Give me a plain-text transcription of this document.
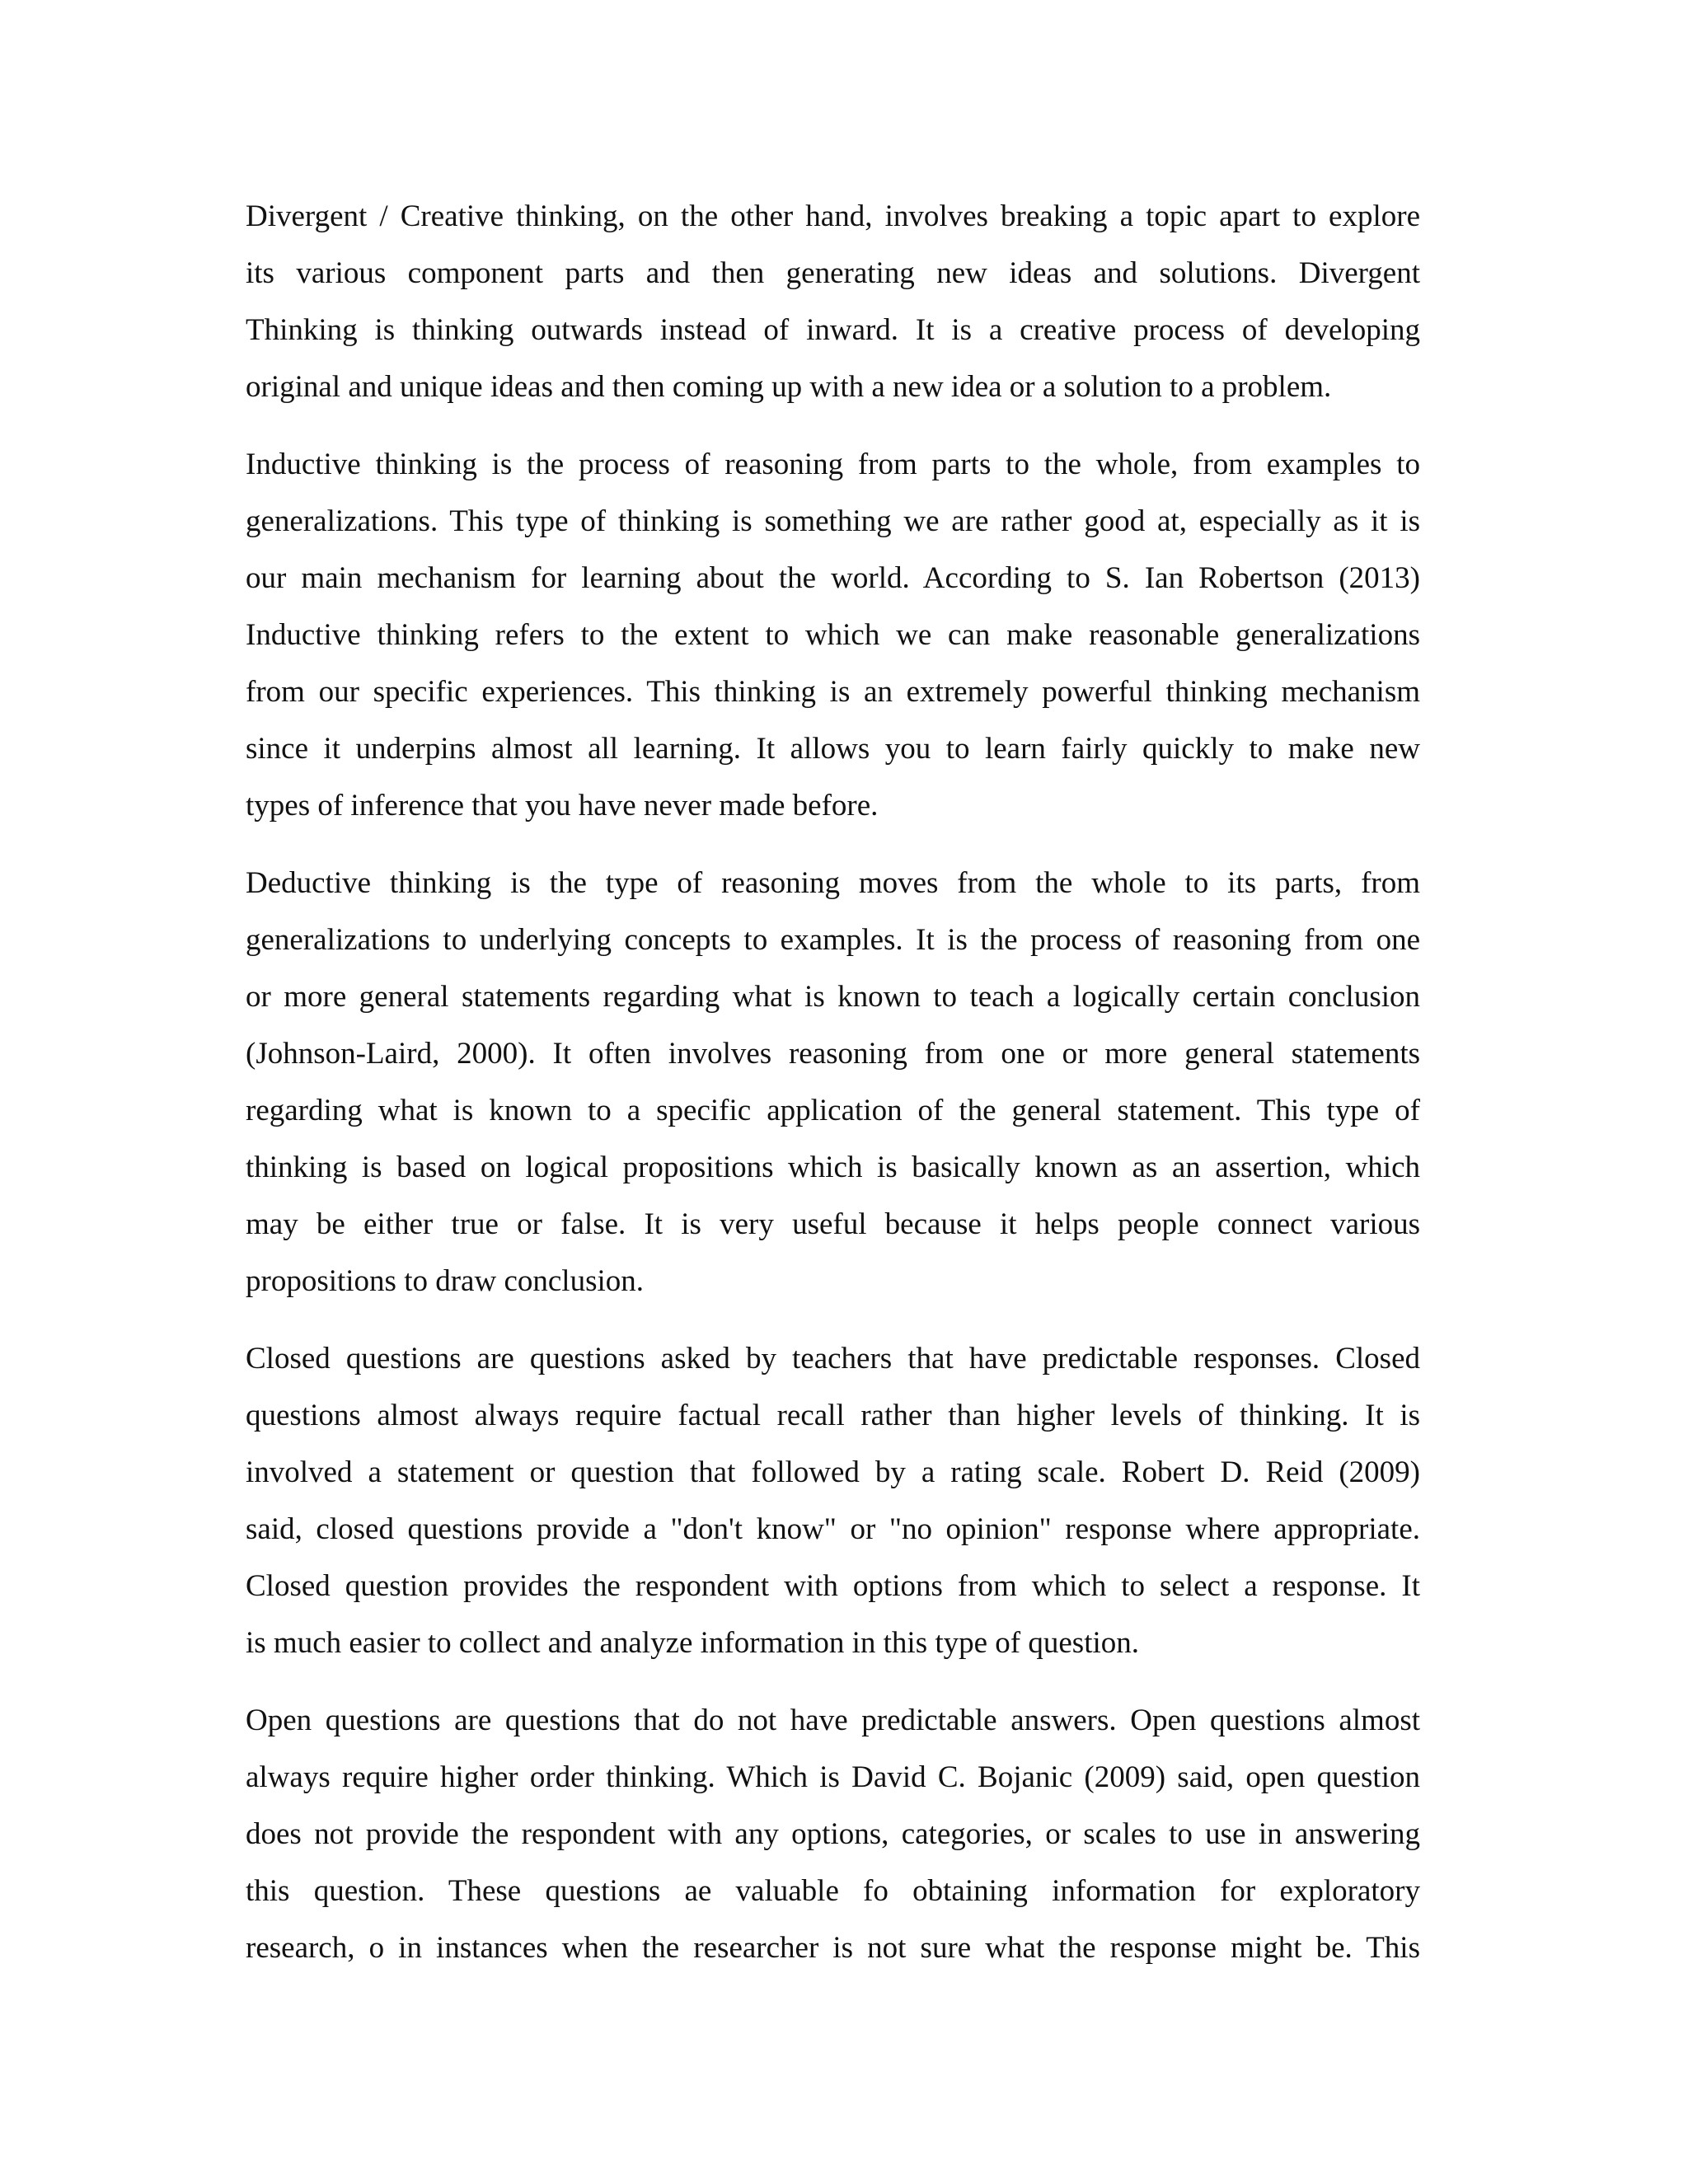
Divergent / Creative thinking, on the other hand, involves breaking a topic apart to explore
its various component parts and then generating new ideas and solutions. Divergent
Thinking is thinking outwards instead of inward. It is a creative process of developing
original and unique ideas and then coming up with a new idea or a solution to a problem.

Inductive thinking is the process of reasoning from parts to the whole, from examples to
generalizations. This type of thinking is something we are rather good at, especially as it is
our main mechanism for learning about the world. According to S. Ian Robertson (2013)
Inductive thinking refers to the extent to which we can make reasonable generalizations
from our specific experiences. This thinking is an extremely powerful thinking mechanism
since it underpins almost all learning. It allows you to learn fairly quickly to make new
types of inference that you have never made before.

Deductive thinking is the type of reasoning moves from the whole to its parts, from
generalizations to underlying concepts to examples. It is the process of reasoning from one
or more general statements regarding what is known to teach a logically certain conclusion
(Johnson-Laird, 2000). It often involves reasoning from one or more general statements
regarding what is known to a specific application of the general statement. This type of
thinking is based on logical propositions which is basically known as an assertion, which
may be either true or false. It is very useful because it helps people connect various
propositions to draw conclusion.

Closed questions are questions asked by teachers that have predictable responses. Closed
questions almost always require factual recall rather than higher levels of thinking. It is
involved a statement or question that followed by a rating scale. Robert D. Reid (2009)
said, closed questions provide a "don't know" or "no opinion" response where appropriate.
Closed question provides the respondent with options from which to select a response. It
is much easier to collect and analyze information in this type of question.

Open questions are questions that do not have predictable answers. Open questions almost
always require higher order thinking. Which is David C. Bojanic (2009) said, open question
does not provide the respondent with any options, categories, or scales to use in answering
this question. These questions ae valuable fo obtaining information for exploratory
research, o in instances when the researcher is not sure what the response might be. This
